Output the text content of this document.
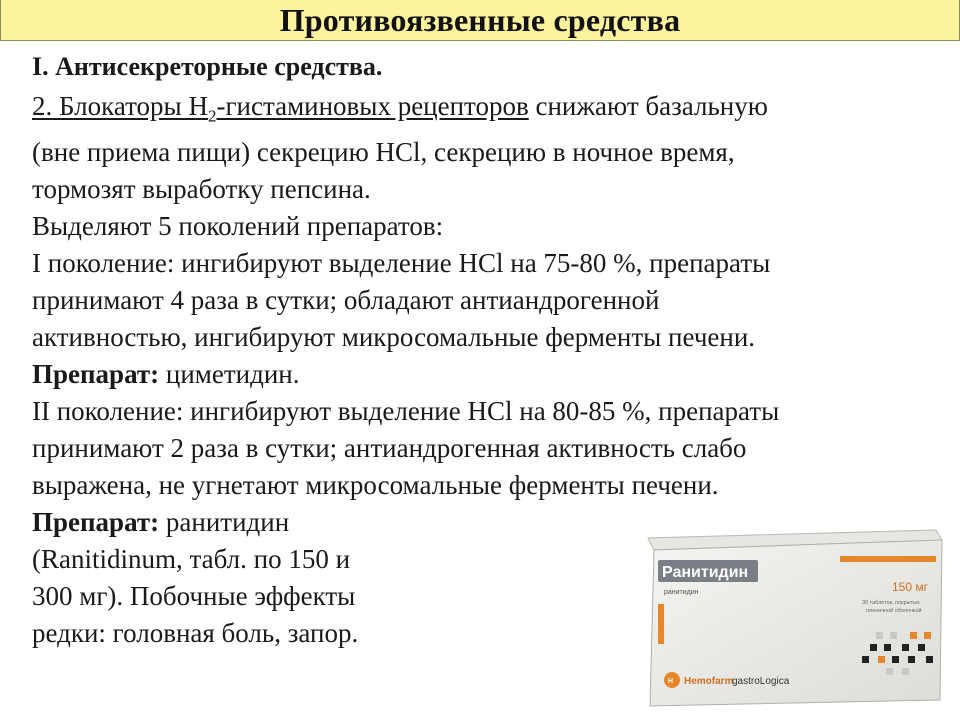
Противоязвенные средства

I. Антисекреторные средства.

2. Блокаторы $Н_2$-гистаминовых рецепторов снижают базальную

(вне приема пищи) секрецию НСl, секрецию в ночное время,

тормозят выработку пепсина.

Выделяют 5 поколений препаратов:

I поколение: ингибируют выделение НСl на 75-80 %, препараты

принимают 4 раза в сутки; обладают антиандрогенной

активностью, ингибируют микросомальные ферменты печени.

Препарат: циметидин.

II поколение: ингибируют выделение НСl на 80-85 %, препараты

принимают 2 раза в сутки; антиандрогенная активность слабо

выражена, не угнетают микросомальные ферменты печени.

Препарат: ранитидин

(Ranitidinum, табл. по 150 и

300 мг). Побочные эффекты

редки: головная боль, запор.

Ранитидин
ранитидин	150 мг
30 таблеток, покрытых
пленочной оболочкой
H Hemofarm
gastroLogica
